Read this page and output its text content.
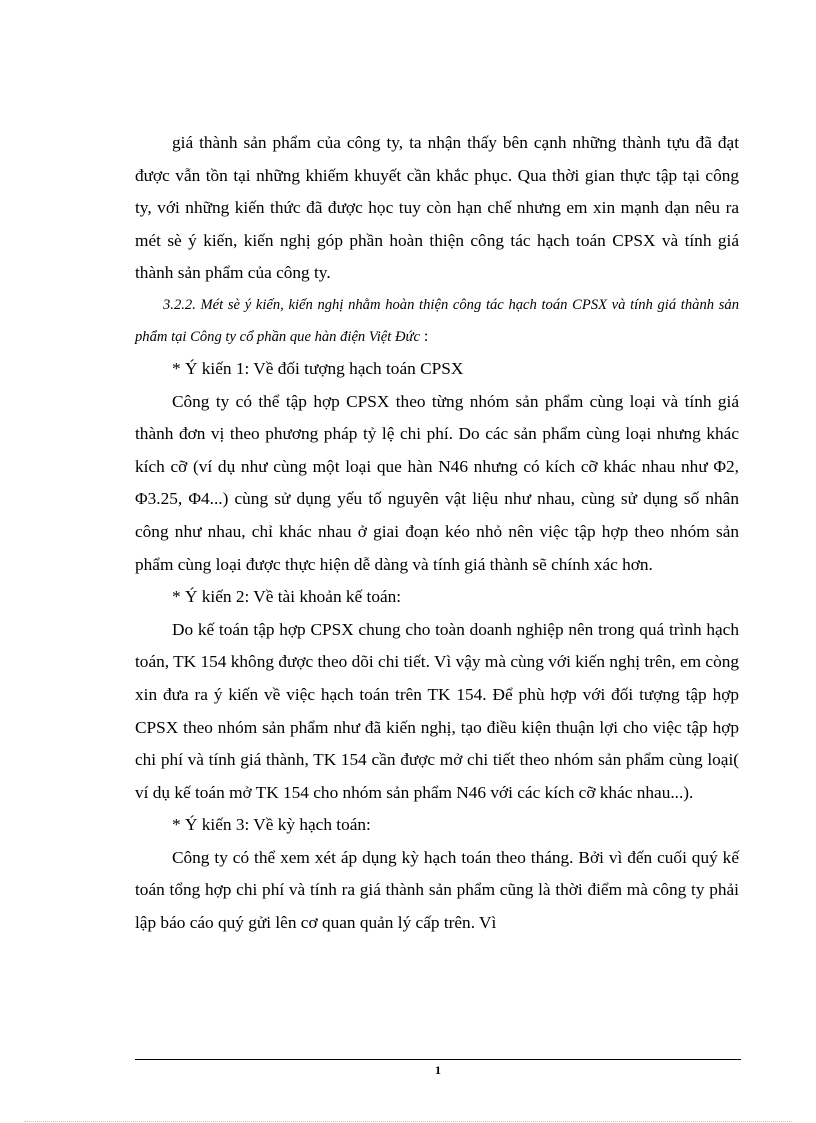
giá thành sản phẩm của công ty, ta nhận thấy bên cạnh những thành tựu đã đạt được vẫn tồn tại những khiếm khuyết cần khắc phục. Qua thời gian thực tập tại công ty, với những kiến thức đã được học tuy còn hạn chế nhưng em xin mạnh dạn nêu ra mét sè ý kiến, kiến nghị góp phần hoàn thiện công tác hạch toán CPSX và tính giá thành sản phẩm của công ty.

3.2.2. Mét sè ý kiến, kiến nghị nhằm hoàn thiện công tác hạch toán CPSX và tính giá thành sản phẩm tại Công ty cổ phần que hàn điện Việt Đức :

* Ý kiến 1: Về đối tượng hạch toán CPSX

Công ty có thể tập hợp CPSX theo từng nhóm sản phẩm cùng loại và tính giá thành đơn vị theo phương pháp tỷ lệ chi phí. Do các sản phẩm cùng loại nhưng khác kích cỡ (ví dụ như cùng một loại que hàn N46 nhưng có kích cỡ khác nhau như Φ2, Φ3.25, Φ4...) cùng sử dụng yếu tố nguyên vật liệu như nhau, cùng sử dụng số nhân công như nhau, chỉ khác nhau ở giai đoạn kéo nhỏ nên việc tập hợp theo nhóm sản phẩm cùng loại được thực hiện dễ dàng và tính giá thành sẽ chính xác hơn.

* Ý kiến 2: Về tài khoản kế toán:

Do kế toán tập hợp CPSX chung cho toàn doanh nghiệp nên trong quá trình hạch toán, TK 154 không được theo dõi chi tiết. Vì vậy mà cùng với kiến nghị trên, em còng xin đưa ra ý kiến về việc hạch toán trên TK 154. Để phù hợp với đối tượng tập hợp CPSX theo nhóm sản phẩm như đã kiến nghị, tạo điều kiện thuận lợi cho việc tập hợp chi phí và tính giá thành, TK 154 cần được mở chi tiết theo nhóm sản phẩm cùng loại( ví dụ kế toán mở TK 154 cho nhóm sản phẩm N46 với các kích cỡ khác nhau...).

* Ý kiến 3: Về kỳ hạch toán:

Công ty có thể xem xét áp dụng kỳ hạch toán theo tháng. Bởi vì đến cuối quý kế toán tổng hợp chi phí và tính ra giá thành sản phẩm cũng là thời điểm mà công ty phải lập báo cáo quý gửi lên cơ quan quản lý cấp trên. Vì

1
